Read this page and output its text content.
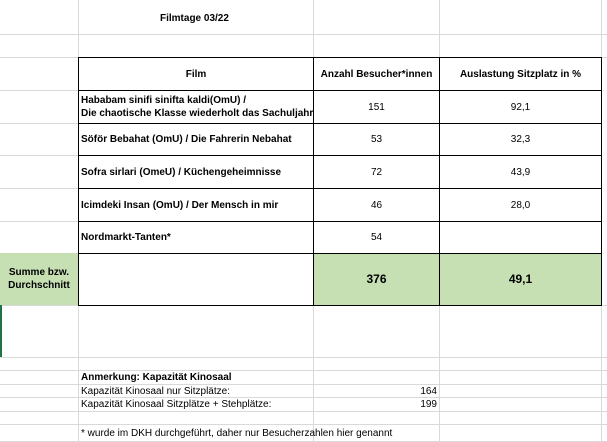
Filmtage 03/22
Film	Anzahl Besucher*innen	Auslastung Sitzplatz in %
Hababam sinifi sinifta kaldi(OmU) /
Die chaotische Klasse wiederholt das Sachuljahr
151	92,1
Söför Bebahat (OmU) / Die Fahrerin Nebahat	53	32,3
Sofra sirlari (OmeU) / Küchengeheimnisse	72	43,9
Icimdeki Insan (OmU) / Der Mensch in mir	46	28,0
Nordmarkt-Tanten*	54
Summe bzw.
Durchschnitt	376	49,1
Anmerkung: Kapazität Kinosaal
Kapazität Kinosaal nur Sitzplätze:	164
Kapazität Kinosaal Sitzplätze + Stehplätze:	199
* wurde im DKH durchgeführt, daher nur Besucherzahlen hier genannt
